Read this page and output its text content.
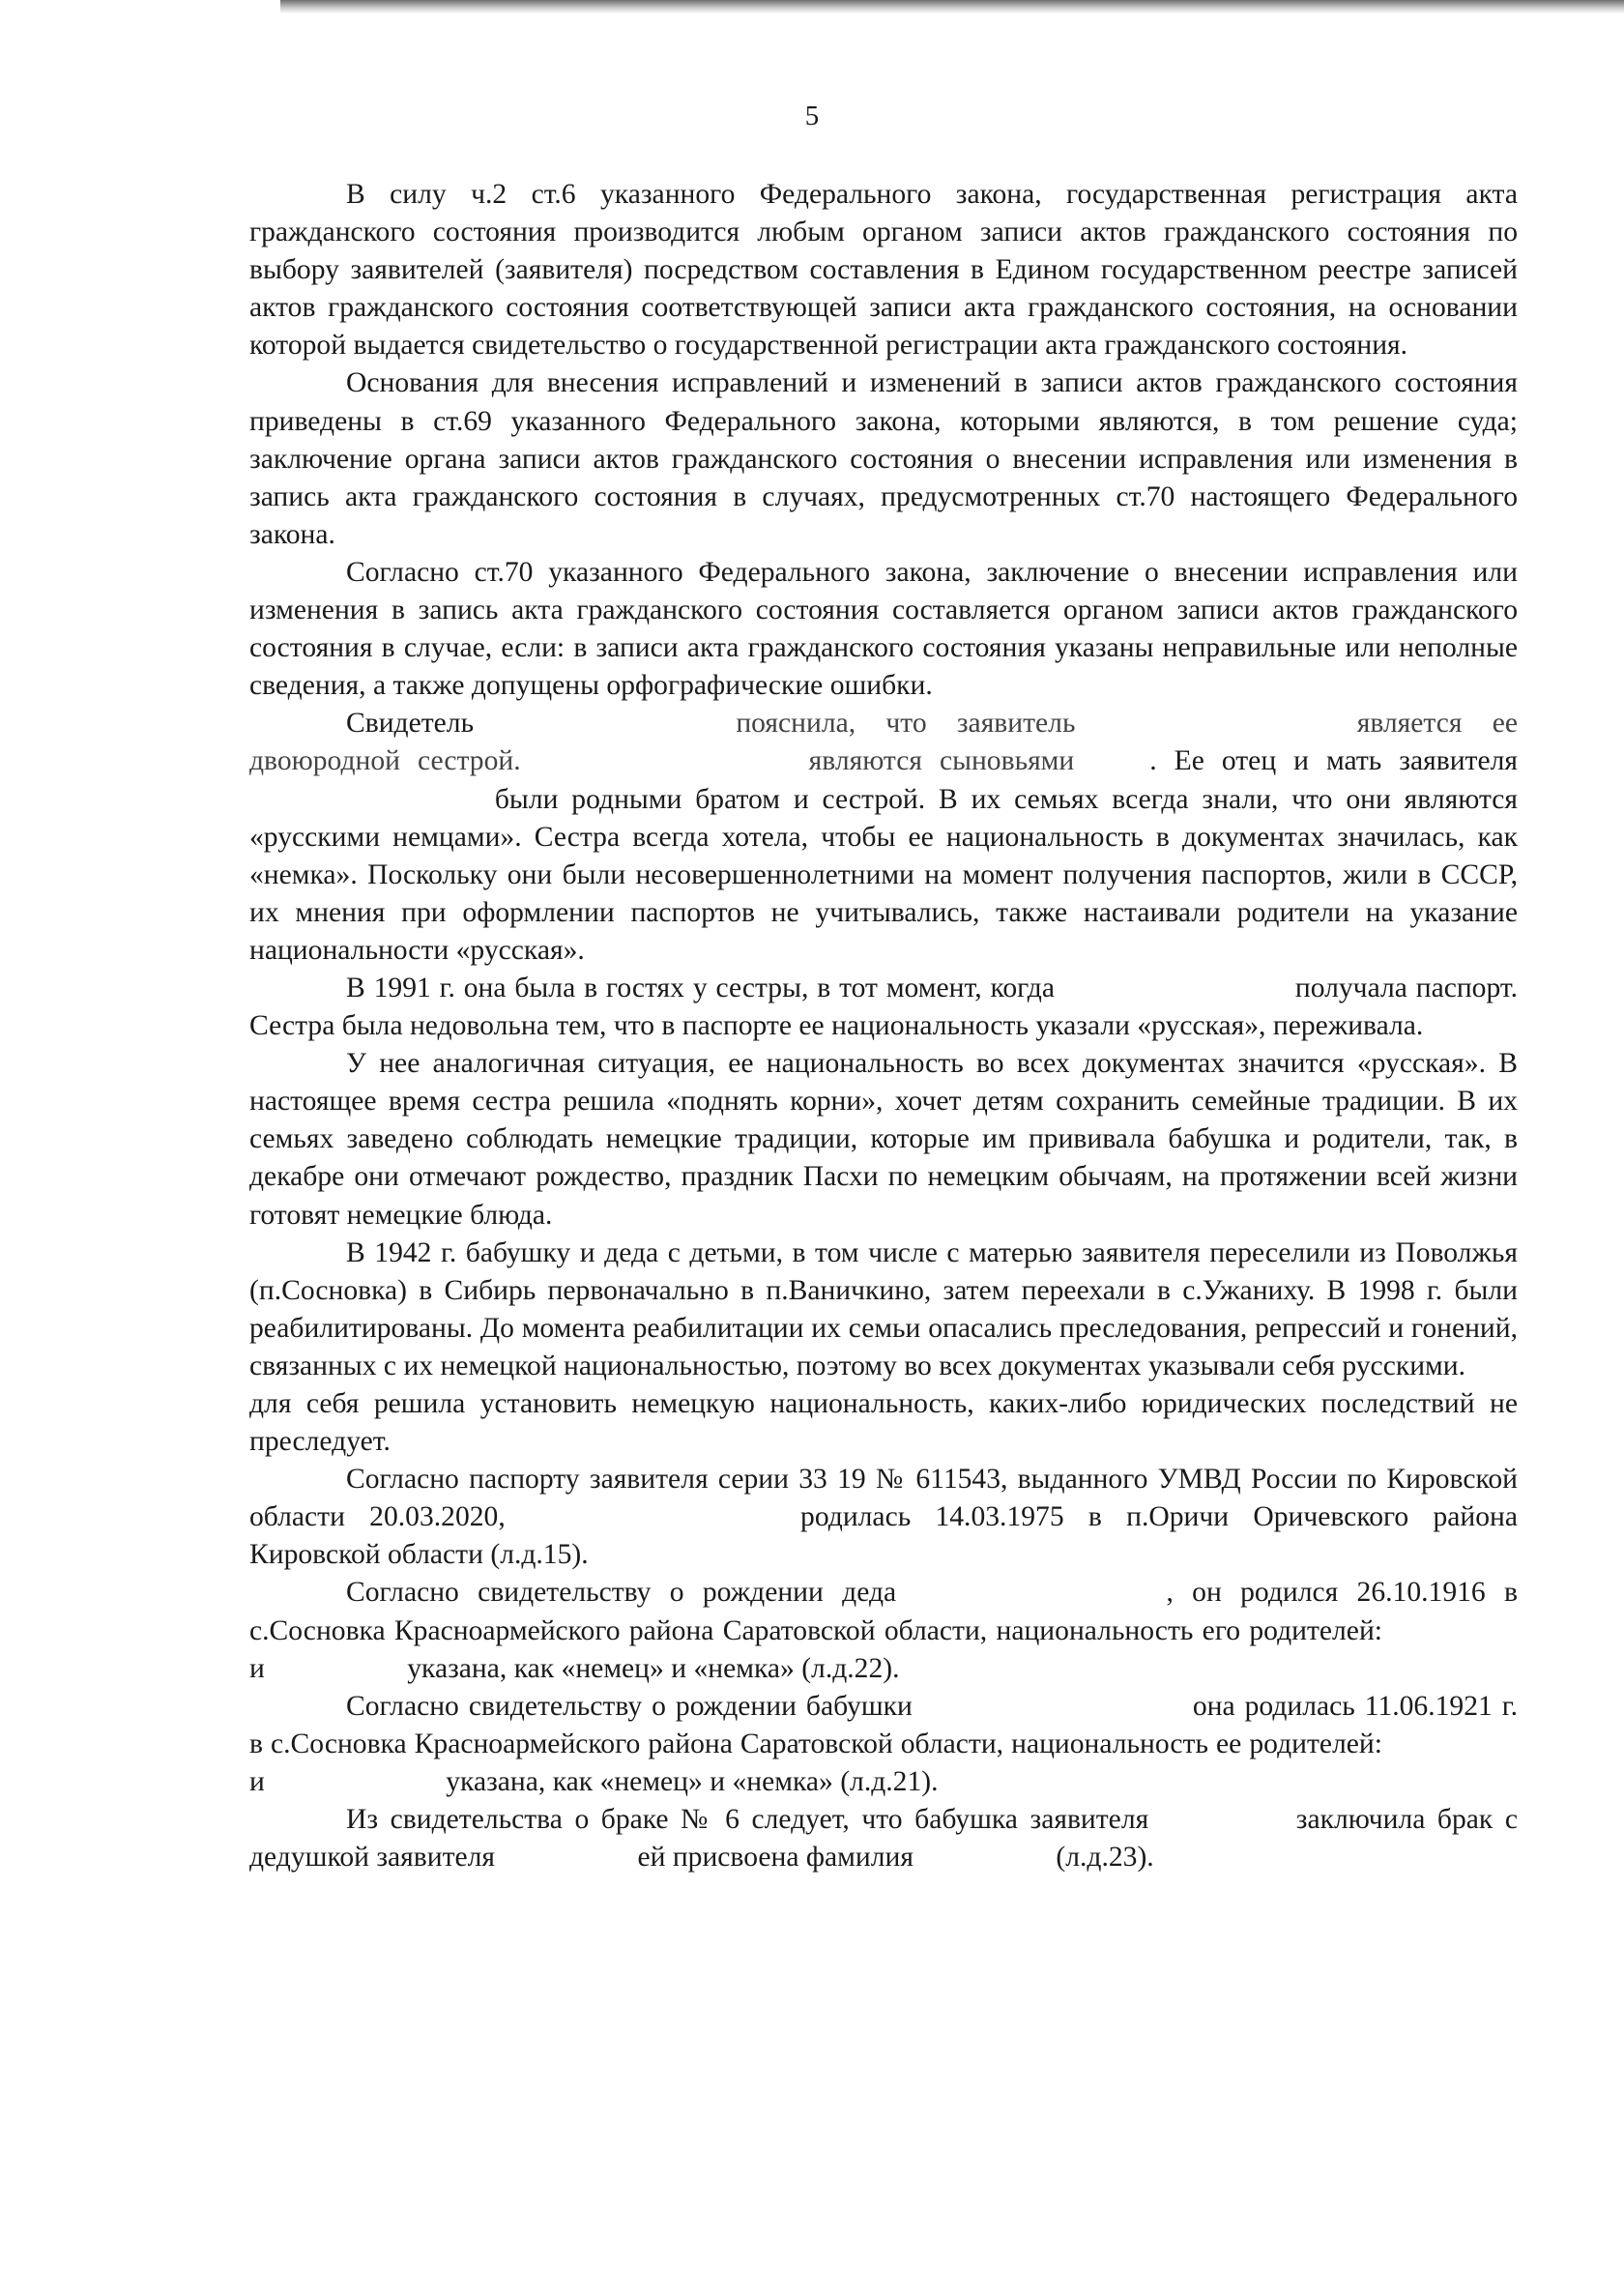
5

В силу ч.2 ст.6 указанного Федерального закона, государственная регистрация акта гражданского состояния производится любым органом записи актов гражданского состояния по выбору заявителей (заявителя) посредством составления в Едином государственном реестре записей актов гражданского состояния соответствующей записи акта гражданского состояния, на основании которой выдается свидетельство о государственной регистрации акта гражданского состояния.

Основания для внесения исправлений и изменений в записи актов гражданского состояния приведены в ст.69 указанного Федерального закона, которыми являются, в том решение суда; заключение органа записи актов гражданского состояния о внесении исправления или изменения в запись акта гражданского состояния в случаях, предусмотренных ст.70 настоящего Федерального закона.

Согласно ст.70 указанного Федерального закона, заключение о внесении исправления или изменения в запись акта гражданского состояния составляется органом записи актов гражданского состояния в случае, если: в записи акта гражданского состояния указаны неправильные или неполные сведения, а также допущены орфографические ошибки.

Свидетель	пояснила, что заявитель	является ее двоюродной сестрой.	являются сыновьями	. Ее отец и мать заявителя были родными братом и сестрой. В их семьях всегда знали, что они являются «русскими немцами». Сестра всегда хотела, чтобы ее национальность в документах значилась, как «немка». Поскольку они были несовершеннолетними на момент получения паспортов, жили в СССР, их мнения при оформлении паспортов не учитывались, также настаивали родители на указание национальности «русская».

В 1991 г. она была в гостях у сестры, в тот момент, когда	получала паспорт. Сестра была недовольна тем, что в паспорте ее национальность указали «русская», переживала.

У нее аналогичная ситуация, ее национальность во всех документах значится «русская». В настоящее время сестра решила «поднять корни», хочет детям сохранить семейные традиции. В их семьях заведено соблюдать немецкие традиции, которые им прививала бабушка и родители, так, в декабре они отмечают рождество, праздник Пасхи по немецким обычаям, на протяжении всей жизни готовят немецкие блюда.

В 1942 г. бабушку и деда с детьми, в том числе с матерью заявителя переселили из Поволжья (п.Сосновка) в Сибирь первоначально в п.Ваничкино, затем переехали в с.Ужаниху. В 1998 г. были реабилитированы. До момента реабилитации их семьи опасались преследования, репрессий и гонений, связанных с их немецкой национальностью, поэтому во всех документах указывали себя русскими.

для себя решила установить немецкую национальность, каких-либо юридических последствий не преследует.

Согласно паспорту заявителя серии 33 19 № 611543, выданного УМВД России по Кировской области 20.03.2020,	родилась 14.03.1975 в п.Оричи Оричевского района Кировской области (л.д.15).

Согласно свидетельству о рождении деда	, он родился 26.10.1916 в с.Сосновка Красноармейского района Саратовской области, национальность его родителей: и	указана, как «немец» и «немка» (л.д.22).

Согласно свидетельству о рождении бабушки	она родилась 11.06.1921 г. в с.Сосновка Красноармейского района Саратовской области, национальность ее родителей: и	указана, как «немец» и «немка» (л.д.21).

Из свидетельства о браке № 6 следует, что бабушка заявителя	заключила брак с дедушкой заявителя	ей присвоена фамилия	(л.д.23).
